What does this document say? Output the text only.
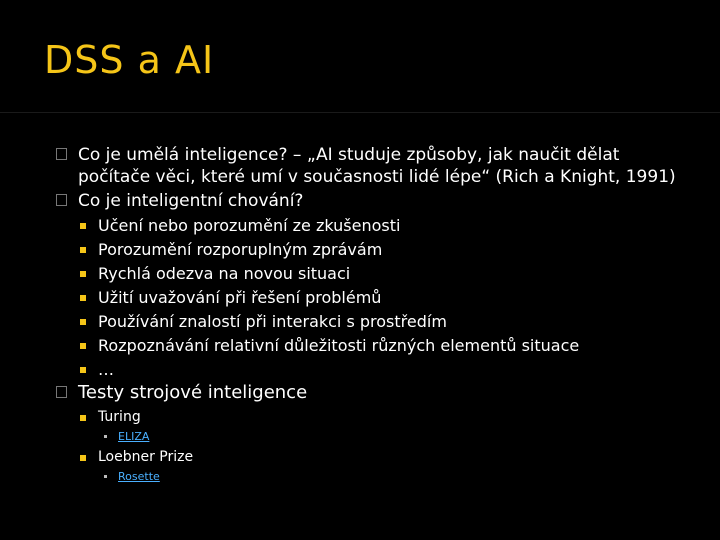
DSS a AI
Co je umělá inteligence? – „AI studuje způsoby, jak naučit dělat počítače věci, které umí v současnosti lidé lépe“ (Rich a Knight, 1991)
Co je inteligentní chování?
Učení nebo porozumění ze zkušenosti
Porozumění rozporuplným zprávám
Rychlá odezva na novou situaci
Užití uvažování při řešení problémů
Používání znalostí při interakci s prostředím
Rozpoznávání relativní důležitosti různých elementů situace
…
Testy strojové inteligence
Turing
ELIZA
Loebner Prize
Rosette
